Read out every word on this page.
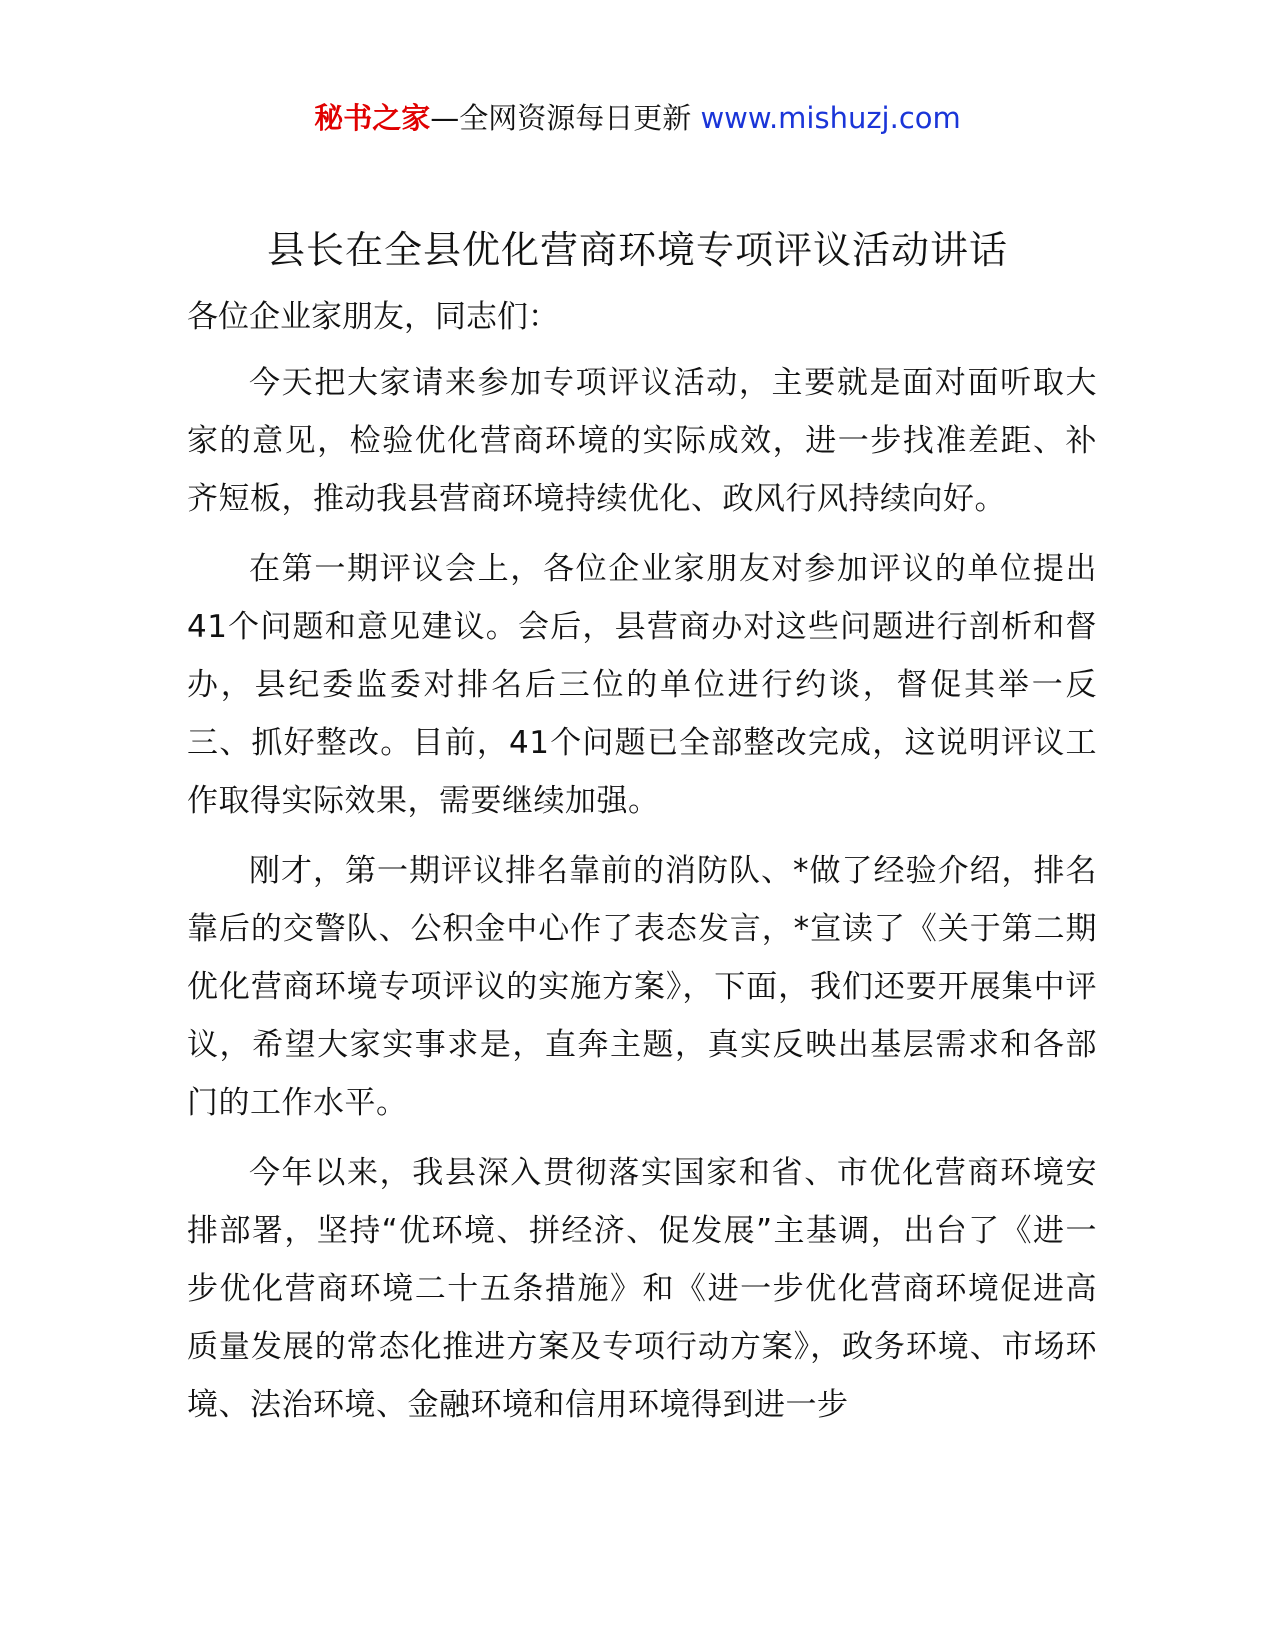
秘书之家—全网资源每日更新 www.mishuzj.com
县长在全县优化营商环境专项评议活动讲话

各位企业家朋友，同志们：

今天把大家请来参加专项评议活动，主要就是面对面听取大家的意见，检验优化营商环境的实际成效，进一步找准差距、补齐短板，推动我县营商环境持续优化、政风行风持续向好。

在第一期评议会上，各位企业家朋友对参加评议的单位提出41个问题和意见建议。会后，县营商办对这些问题进行剖析和督办，县纪委监委对排名后三位的单位进行约谈，督促其举一反三、抓好整改。目前，41个问题已全部整改完成，这说明评议工作取得实际效果，需要继续加强。

刚才，第一期评议排名靠前的消防队、*做了经验介绍，排名靠后的交警队、公积金中心作了表态发言，*宣读了《关于第二期优化营商环境专项评议的实施方案》，下面，我们还要开展集中评议，希望大家实事求是，直奔主题，真实反映出基层需求和各部门的工作水平。

今年以来，我县深入贯彻落实国家和省、市优化营商环境安排部署，坚持“优环境、拼经济、促发展”主基调，出台了《进一步优化营商环境二十五条措施》和《进一步优化营商环境促进高质量发展的常态化推进方案及专项行动方案》，政务环境、市场环境、法治环境、金融环境和信用环境得到进一步
